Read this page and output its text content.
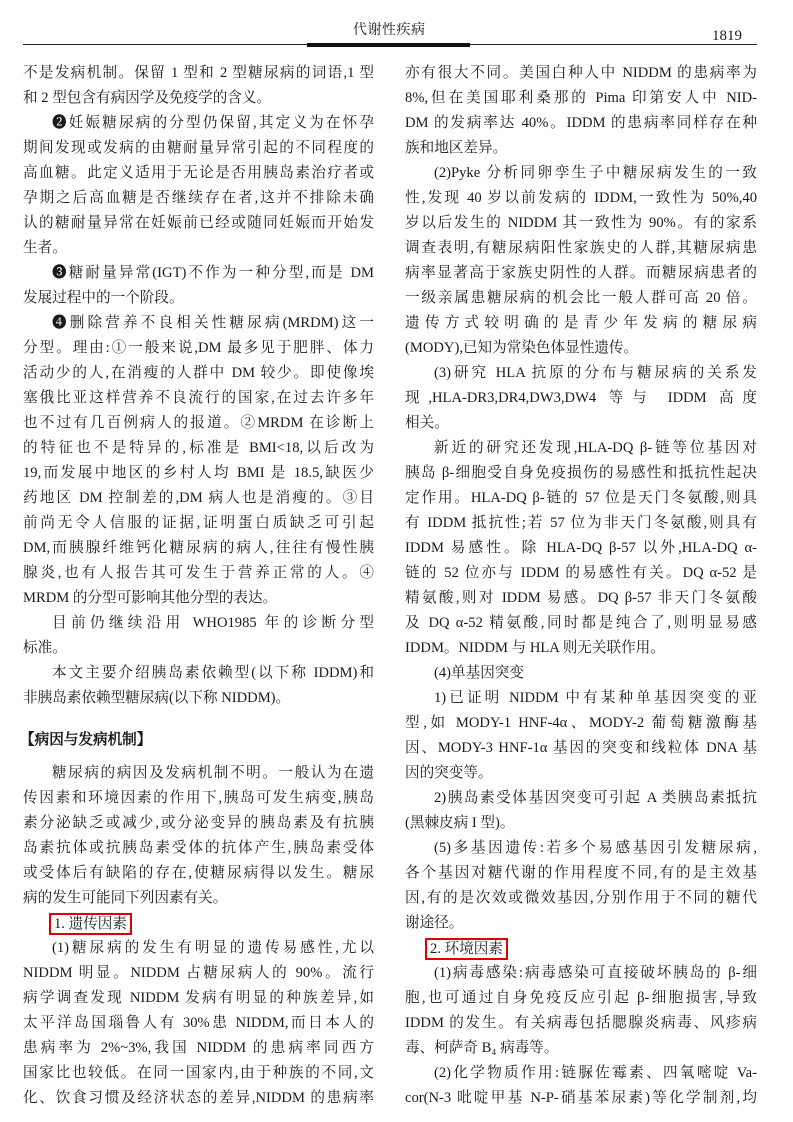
代谢性疾病	1819
不是发病机制。保留 1 型和 2 型糖尿病的词语,1 型
和 2 型包含有病因学及免疫学的含义。
❷妊娠糖尿病的分型仍保留,其定义为在怀孕
期间发现或发病的由糖耐量异常引起的不同程度的
高血糖。此定义适用于无论是否用胰岛素治疗者或
孕期之后高血糖是否继续存在者,这并不排除未确
认的糖耐量异常在妊娠前已经或随同妊娠而开始发
生者。
❸糖耐量异常(IGT)不作为一种分型,而是 DM
发展过程中的一个阶段。
❹删除营养不良相关性糖尿病(MRDM)这一
分型。理由:①一般来说,DM 最多见于肥胖、体力
活动少的人,在消瘦的人群中 DM 较少。即使像埃
塞俄比亚这样营养不良流行的国家,在过去许多年
也不过有几百例病人的报道。②MRDM 在诊断上
的特征也不是特异的,标准是 BMI<18,以后改为
19,而发展中地区的乡村人均 BMI 是 18.5,缺医少
药地区 DM 控制差的,DM 病人也是消瘦的。③目
前尚无令人信服的证据,证明蛋白质缺乏可引起
DM,而胰腺纤维钙化糖尿病的病人,往往有慢性胰
腺炎,也有人报告其可发生于营养正常的人。④
MRDM 的分型可影响其他分型的表达。
目前仍继续沿用 WHO1985 年的诊断分型
标准。
本文主要介绍胰岛素依赖型(以下称 IDDM)和
非胰岛素依赖型糖尿病(以下称 NIDDM)。
【病因与发病机制】
糖尿病的病因及发病机制不明。一般认为在遗
传因素和环境因素的作用下,胰岛可发生病变,胰岛
素分泌缺乏或减少,或分泌变异的胰岛素及有抗胰
岛素抗体或抗胰岛素受体的抗体产生,胰岛素受体
或受体后有缺陷的存在,使糖尿病得以发生。糖尿
病的发生可能同下列因素有关。
1. 遗传因素
(1)糖尿病的发生有明显的遗传易感性,尤以
NIDDM 明显。NIDDM 占糖尿病人的 90%。流行
病学调查发现 NIDDM 发病有明显的种族差异,如
太平洋岛国瑙鲁人有 30%患 NIDDM,而日本人的
患病率为 2%~3%,我国 NIDDM 的患病率同西方
国家比也较低。在同一国家内,由于种族的不同,文
化、饮食习惯及经济状态的差异,NIDDM 的患病率
亦有很大不同。美国白种人中 NIDDM 的患病率为
8%,但在美国耶利桑那的 Pima 印第安人中 NID-
DM 的发病率达 40%。IDDM 的患病率同样存在种
族和地区差异。
(2)Pyke 分析同卵孪生子中糖尿病发生的一致
性,发现 40 岁以前发病的 IDDM,一致性为 50%,40
岁以后发生的 NIDDM 其一致性为 90%。有的家系
调查表明,有糖尿病阳性家族史的人群,其糖尿病患
病率显著高于家族史阴性的人群。而糖尿病患者的
一级亲属患糖尿病的机会比一般人群可高 20 倍。
遗传方式较明确的是青少年发病的糖尿病
(MODY),已知为常染色体显性遗传。
(3)研究 HLA 抗原的分布与糖尿病的关系发
现,HLA-DR3,DR4,DW3,DW4 等与 IDDM 高度
相关。
新近的研究还发现,HLA-DQ β-链等位基因对
胰岛 β-细胞受自身免疫损伤的易感性和抵抗性起决
定作用。HLA-DQ β-链的 57 位是天门冬氨酸,则具
有 IDDM 抵抗性;若 57 位为非天门冬氨酸,则具有
IDDM 易感性。除 HLA-DQ β-57 以外,HLA-DQ α-
链的 52 位亦与 IDDM 的易感性有关。DQ α-52 是
精氨酸,则对 IDDM 易感。DQ β-57 非天门冬氨酸
及 DQ α-52 精氨酸,同时都是纯合了,则明显易感
IDDM。NIDDM 与 HLA 则无关联作用。
(4)单基因突变
1)已证明 NIDDM 中有某种单基因突变的亚
型,如 MODY-1 HNF-4α、MODY-2 葡萄糖激酶基
因、MODY-3 HNF-1α 基因的突变和线粒体 DNA 基
因的突变等。
2)胰岛素受体基因突变可引起 A 类胰岛素抵抗
(黑棘皮病 I 型)。
(5)多基因遗传:若多个易感基因引发糖尿病,
各个基因对糖代谢的作用程度不同,有的是主效基
因,有的是次效或微效基因,分别作用于不同的糖代
谢途径。
2. 环境因素
(1)病毒感染:病毒感染可直接破坏胰岛的 β-细
胞,也可通过自身免疫反应引起 β-细胞损害,导致
IDDM 的发生。有关病毒包括腮腺炎病毒、风疹病
毒、柯萨奇 B₄ 病毒等。
(2)化学物质作用:链脲佐霉素、四氧嘧啶 Va-
cor(N-3 吡啶甲基 N-P-硝基苯尿素)等化学制剂,均
